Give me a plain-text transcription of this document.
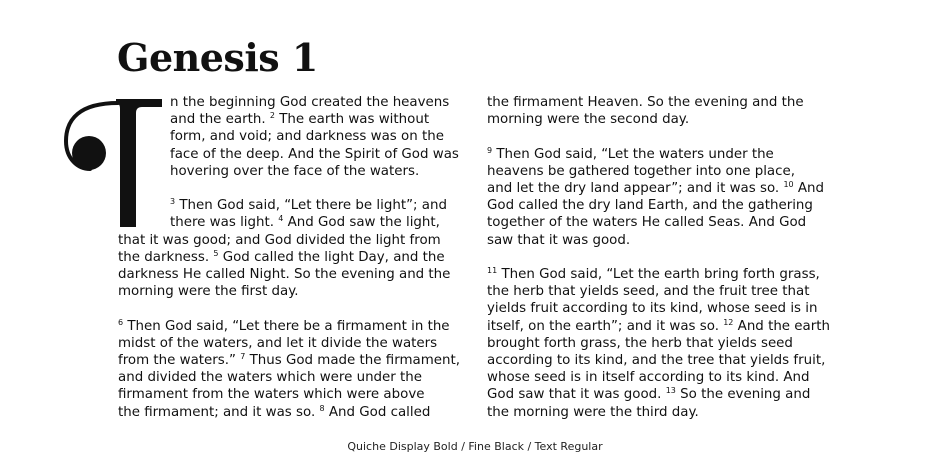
Genesis 1

n the beginning God created the heavens
and the earth. $^2$ The earth was without
form, and void; and darkness was on the
face of the deep. And the Spirit of God was
hovering over the face of the waters.

$^3$ Then God said, “Let there be light”; and
there was light. $^4$ And God saw the light,
that it was good; and God divided the light from
the darkness. $^5$ God called the light Day, and the
darkness He called Night. So the evening and the
morning were the first day.

$^6$ Then God said, “Let there be a firmament in the
midst of the waters, and let it divide the waters
from the waters.” $^7$ Thus God made the firmament,
and divided the waters which were under the
firmament from the waters which were above
the firmament; and it was so. $^8$ And God called

the firmament Heaven. So the evening and the
morning were the second day.

$^9$ Then God said, “Let the waters under the
heavens be gathered together into one place,
and let the dry land appear”; and it was so. $^{10}$ And
God called the dry land Earth, and the gathering
together of the waters He called Seas. And God
saw that it was good.

$^{11}$ Then God said, “Let the earth bring forth grass,
the herb that yields seed, and the fruit tree that
yields fruit according to its kind, whose seed is in
itself, on the earth”; and it was so. $^{12}$ And the earth
brought forth grass, the herb that yields seed
according to its kind, and the tree that yields fruit,
whose seed is in itself according to its kind. And
God saw that it was good. $^{13}$ So the evening and
the morning were the third day.

Quiche Display Bold / Fine Black / Text Regular
